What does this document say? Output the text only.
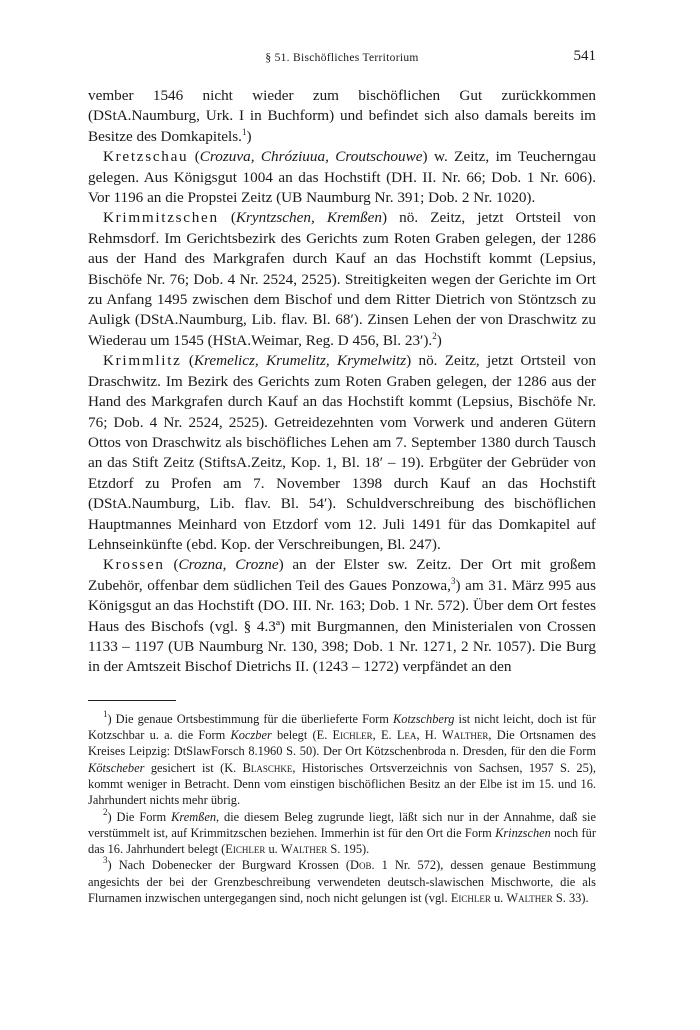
§ 51. Bischöfliches Territorium	541

vember 1546 nicht wieder zum bischöflichen Gut zurückkommen (DStA.Naumburg, Urk. I in Buchform) und befindet sich also damals bereits im Besitze des Domkapitels.$^1$)

Kretzschau (Crozuva, Chróziuua, Croutschouwe) w. Zeitz, im Teucherngau gelegen. Aus Königsgut 1004 an das Hochstift (DH. II. Nr. 66; Dob. 1 Nr. 606). Vor 1196 an die Propstei Zeitz (UB Naumburg Nr. 391; Dob. 2 Nr. 1020).

Krimmitzschen (Kryntzschen, Kremßen) nö. Zeitz, jetzt Ortsteil von Rehmsdorf. Im Gerichtsbezirk des Gerichts zum Roten Graben gelegen, der 1286 aus der Hand des Markgrafen durch Kauf an das Hochstift kommt (Lepsius, Bischöfe Nr. 76; Dob. 4 Nr. 2524, 2525). Streitigkeiten wegen der Gerichte im Ort zu Anfang 1495 zwischen dem Bischof und dem Ritter Dietrich von Stöntzsch zu Auligk (DStA.Naumburg, Lib. flav. Bl. 68′). Zinsen Lehen der von Draschwitz zu Wiederau um 1545 (HStA.Weimar, Reg. D 456, Bl. 23′).$^2$)

Krimmlitz (Kremelicz, Krumelitz, Krymelwitz) nö. Zeitz, jetzt Ortsteil von Draschwitz. Im Bezirk des Gerichts zum Roten Graben gelegen, der 1286 aus der Hand des Markgrafen durch Kauf an das Hochstift kommt (Lepsius, Bischöfe Nr. 76; Dob. 4 Nr. 2524, 2525). Getreidezehnten vom Vorwerk und anderen Gütern Ottos von Draschwitz als bischöfliches Lehen am 7. September 1380 durch Tausch an das Stift Zeitz (StiftsA.Zeitz, Kop. 1, Bl. 18′ – 19). Erbgüter der Gebrüder von Etzdorf zu Profen am 7. November 1398 durch Kauf an das Hochstift (DStA.Naumburg, Lib. flav. Bl. 54′). Schuldverschreibung des bischöflichen Hauptmannes Meinhard von Etzdorf vom 12. Juli 1491 für das Domkapitel auf Lehnseinkünfte (ebd. Kop. der Verschreibungen, Bl. 247).

Krossen (Crozna, Crozne) an der Elster sw. Zeitz. Der Ort mit großem Zubehör, offenbar dem südlichen Teil des Gaues Ponzowa,$^3$) am 31. März 995 aus Königsgut an das Hochstift (DO. III. Nr. 163; Dob. 1 Nr. 572). Über dem Ort festes Haus des Bischofs (vgl. § 4.3ª) mit Burgmannen, den Ministerialen von Crossen 1133 – 1197 (UB Naumburg Nr. 130, 398; Dob. 1 Nr. 1271, 2 Nr. 1057). Die Burg in der Amtszeit Bischof Dietrichs II. (1243 – 1272) verpfändet an den

$^1$) Die genaue Ortsbestimmung für die überlieferte Form Kotzschberg ist nicht leicht, doch ist für Kotzschbar u. a. die Form Koczber belegt (E. Eichler, E. Lea, H. Walther, Die Ortsnamen des Kreises Leipzig: DtSlawForsch 8.1960 S. 50). Der Ort Kötzschenbroda n. Dresden, für den die Form Kötscheber gesichert ist (K. Blaschke, Historisches Ortsverzeichnis von Sachsen, 1957 S. 25), kommt weniger in Betracht. Denn vom einstigen bischöflichen Besitz an der Elbe ist im 15. und 16. Jahrhundert nichts mehr übrig.

$^2$) Die Form Kremßen, die diesem Beleg zugrunde liegt, läßt sich nur in der Annahme, daß sie verstümmelt ist, auf Krimmitzschen beziehen. Immerhin ist für den Ort die Form Krinzschen noch für das 16. Jahrhundert belegt (Eichler u. Walther S. 195).

$^3$) Nach Dobenecker der Burgward Krossen (Dob. 1 Nr. 572), dessen genaue Bestimmung angesichts der bei der Grenzbeschreibung verwendeten deutsch-slawischen Mischworte, die als Flurnamen inzwischen untergegangen sind, noch nicht gelungen ist (vgl. Eichler u. Walther S. 33).
